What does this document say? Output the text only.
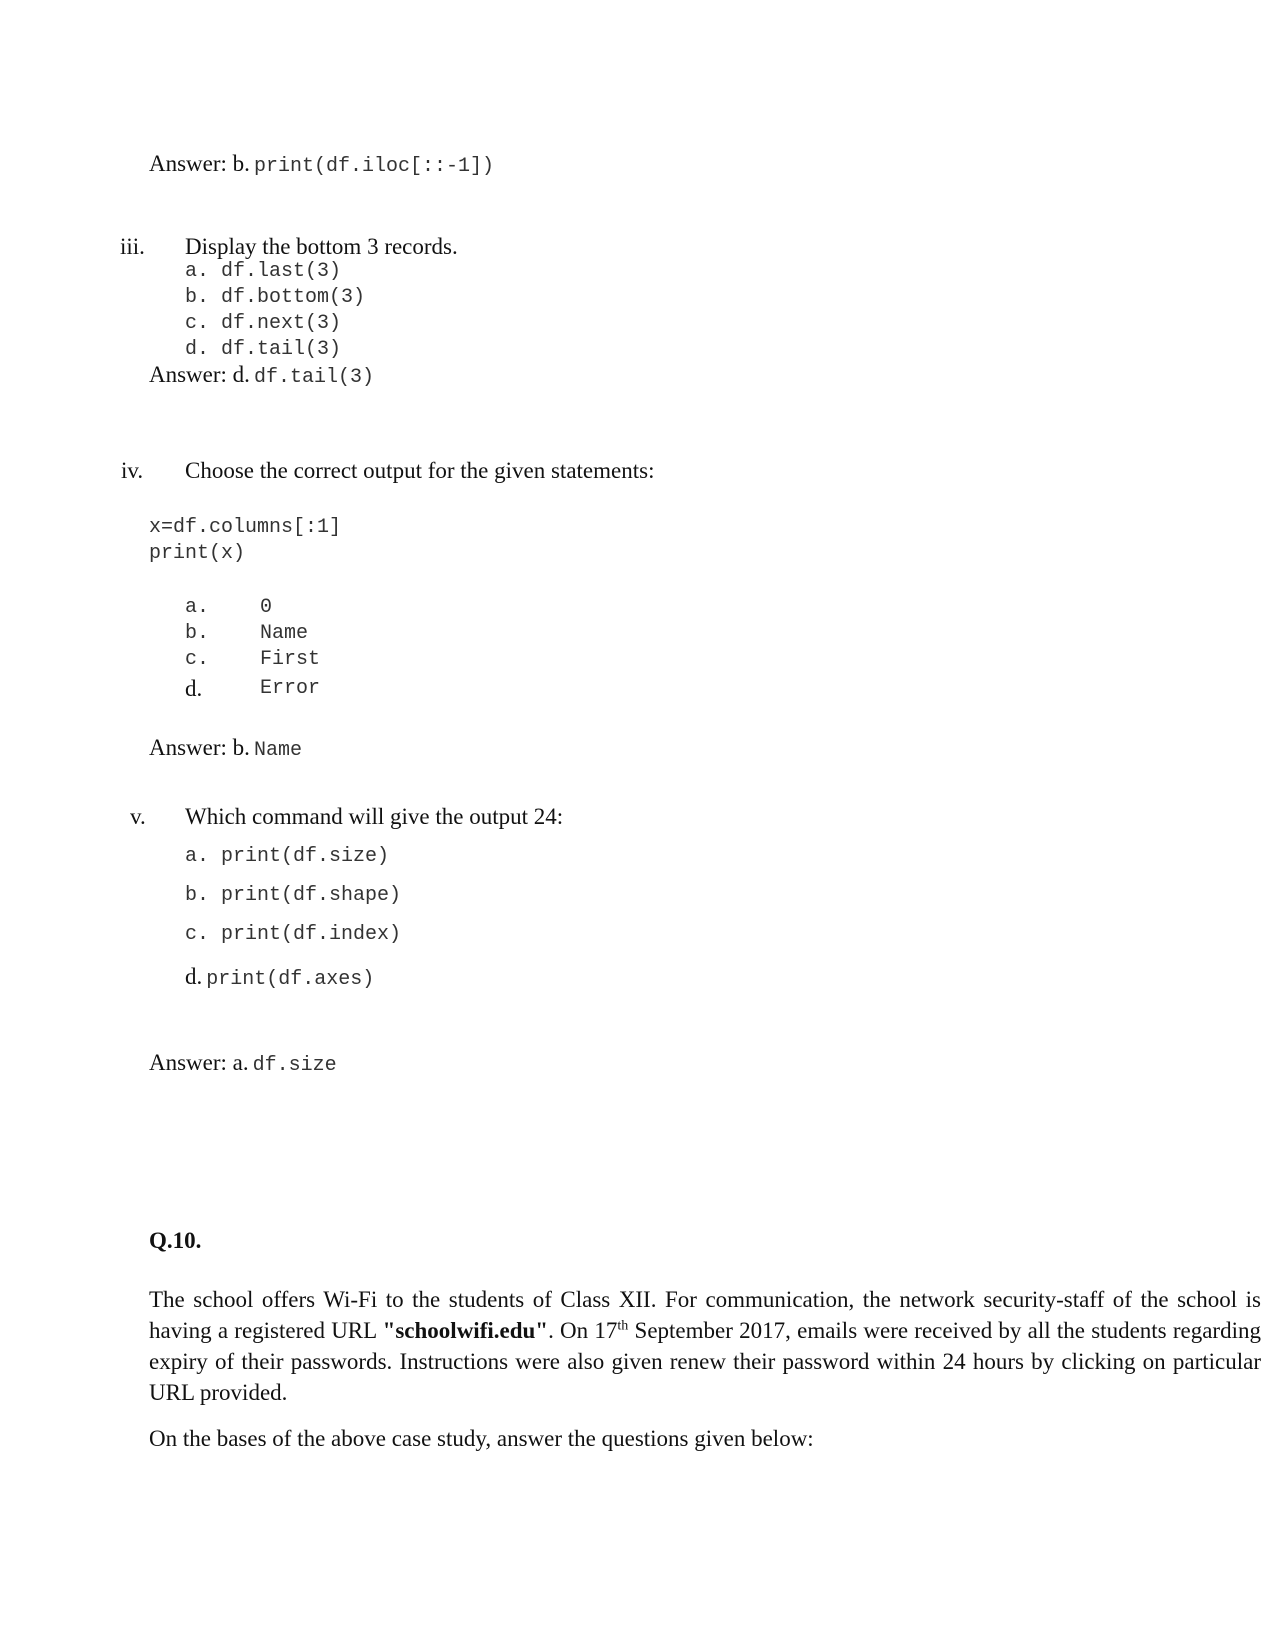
Answer: b. print(df.iloc[::-1])
iii. Display the bottom 3 records.
a. df.last(3)
b. df.bottom(3)
c. df.next(3)
d. df.tail(3)
Answer: d. df.tail(3)
iv. Choose the correct output for the given statements:
x=df.columns[:1]
print(x)
a.	0
b.	Name
c.	First
d.	Error
Answer: b. Name
v. Which command will give the output 24:
a. print(df.size)
b. print(df.shape)
c. print(df.index)
d. print(df.axes)
Answer: a. df.size
Q.10.
The school offers Wi-Fi to the students of Class XII. For communication, the network security-staff of the school is having a registered URL "schoolwifi.edu". On 17th September 2017, emails were received by all the students regarding expiry of their passwords. Instructions were also given renew their password within 24 hours by clicking on particular URL provided.
On the bases of the above case study, answer the questions given below:
